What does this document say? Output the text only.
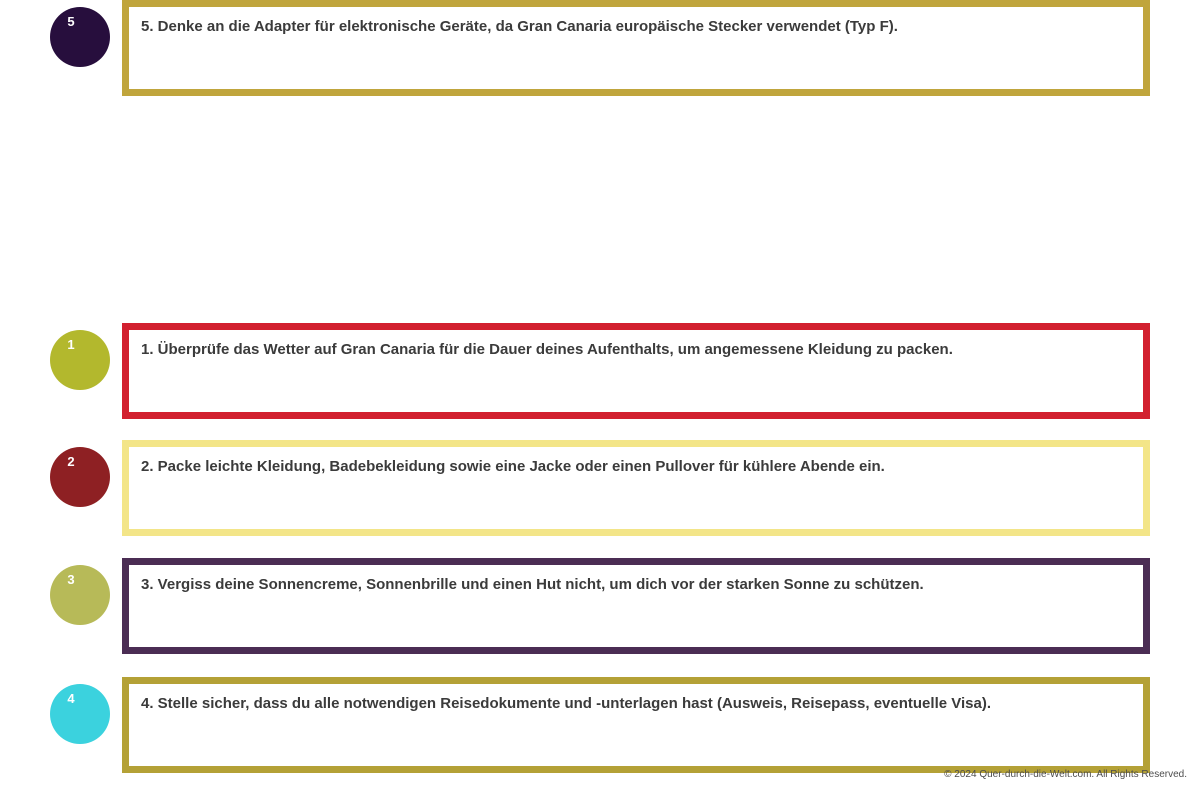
1	1. Überprüfe das Wetter auf Gran Canaria für die Dauer deines Aufenthalts, um angemessene Kleidung zu packen.
2	2. Packe leichte Kleidung, Badebekleidung sowie eine Jacke oder einen Pullover für kühlere Abende ein.
3	3. Vergiss deine Sonnencreme, Sonnenbrille und einen Hut nicht, um dich vor der starken Sonne zu schützen.
4	4. Stelle sicher, dass du alle notwendigen Reisedokumente und -unterlagen hast (Ausweis, Reisepass, eventuelle Visa).
5	5. Denke an die Adapter für elektronische Geräte, da Gran Canaria europäische Stecker verwendet (Typ F).
© 2024 Quer-durch-die-Welt.com. All Rights Reserved.
